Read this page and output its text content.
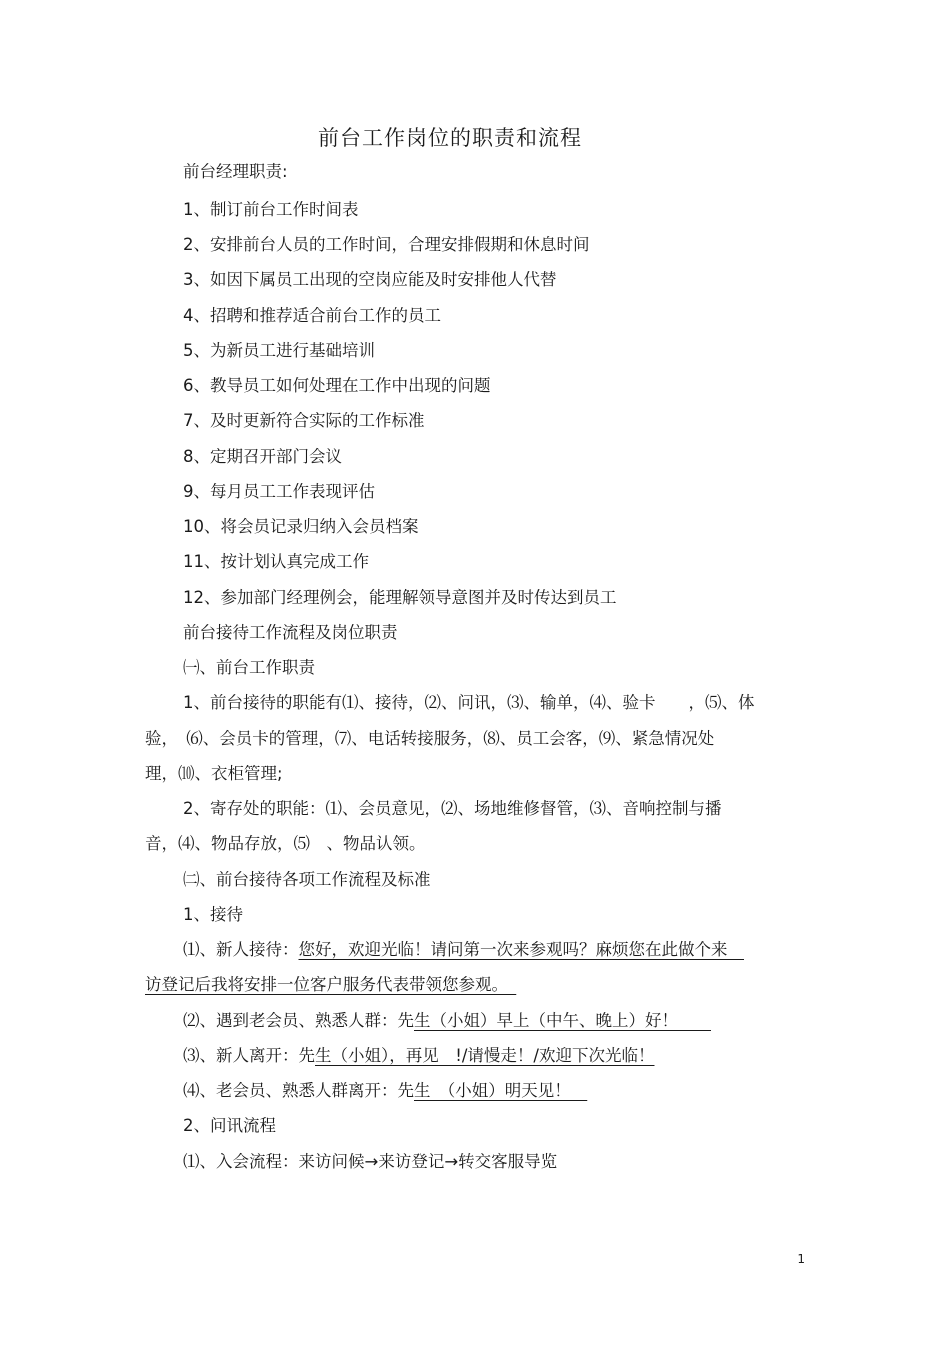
前台工作岗位的职责和流程
前台经理职责:
1、制订前台工作时间表
2、安排前台人员的工作时间，合理安排假期和休息时间
3、如因下属员工出现的空岗应能及时安排他人代替
4、招聘和推荐适合前台工作的员工
5、为新员工进行基础培训
6、教导员工如何处理在工作中出现的问题
7、及时更新符合实际的工作标准
8、定期召开部门会议
9、每月员工工作表现评估
10、将会员记录归纳入会员档案
11、按计划认真完成工作
12、参加部门经理例会，能理解领导意图并及时传达到员工
前台接待工作流程及岗位职责
㈠、前台工作职责
1、前台接待的职能有⑴、接待，⑵、问讯，⑶、输单，⑷、验卡　　，⑸、体
验，　⑹、会员卡的管理，⑺、电话转接服务，⑻、员工会客，⑼、紧急情况处
理，⑽、衣柜管理;
2、寄存处的职能：⑴、会员意见，⑵、场地维修督管，⑶、音响控制与播
音，⑷、物品存放，⑸　、物品认领。
㈡、前台接待各项工作流程及标准
1、接待
⑴、新人接待：您好，欢迎光临！请问第一次来参观吗？麻烦您在此做个来　
访登记后我将安排一位客户服务代表带领您参观。　
⑵、遇到老会员、熟悉人群：先生（小姐）早上（中午、晚上）好！　　
⑶、新人离开：先生（小姐），再见　!/请慢走！/欢迎下次光临！
⑷、老会员、熟悉人群离开：先生　（小姐）明天见！　
2、问讯流程
⑴、入会流程：来访问候→来访登记→转交客服导览
1
